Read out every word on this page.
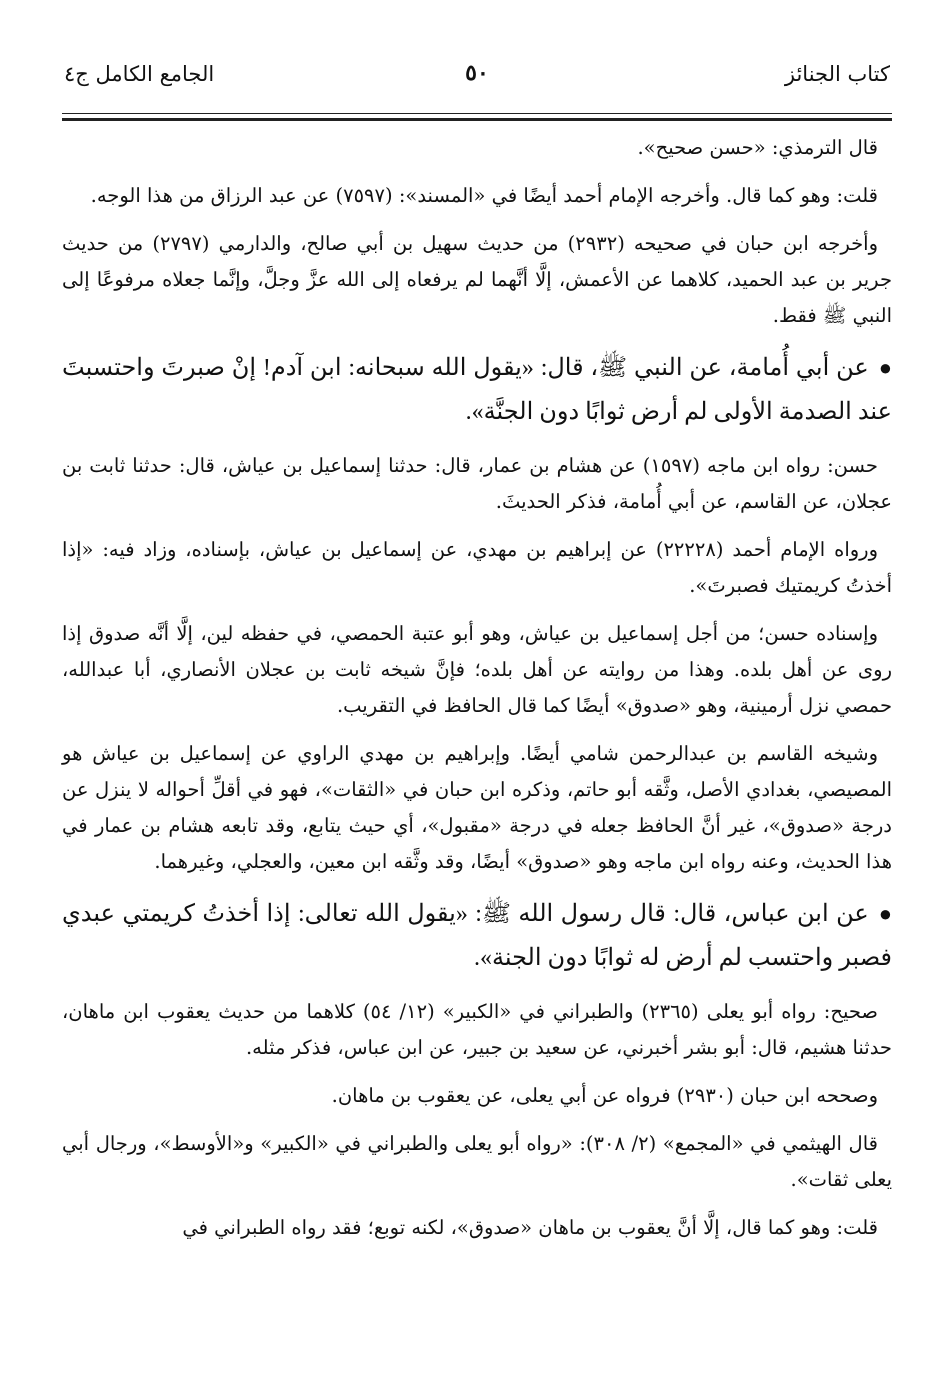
كتاب الجنائز
٥٠
الجامع الكامل ج٤

قال الترمذي: «حسن صحيح».

قلت: وهو كما قال. وأخرجه الإمام أحمد أيضًا في «المسند»: (٧٥٩٧) عن عبد الرزاق من هذا الوجه.

وأخرجه ابن حبان في صحيحه (٢٩٣٢) من حديث سهيل بن أبي صالح، والدارمي (٢٧٩٧) من حديث جرير بن عبد الحميد، كلاهما عن الأعمش، إلَّا أنَّهما لم يرفعاه إلى الله عزَّ وجلَّ، وإنَّما جعلاه مرفوعًا إلى النبي ﷺ فقط.

●عن أبي أُمامة، عن النبي ﷺ، قال: «يقول الله سبحانه: ابن آدم! إنْ صبرتَ واحتسبتَ عند الصدمة الأولى لم أرض ثوابًا دون الجنَّة».

حسن: رواه ابن ماجه (١٥٩٧) عن هشام بن عمار، قال: حدثنا إسماعيل بن عياش، قال: حدثنا ثابت بن عجلان، عن القاسم، عن أبي أُمامة، فذكر الحديثَ.

ورواه الإمام أحمد (٢٢٢٢٨) عن إبراهيم بن مهدي، عن إسماعيل بن عياش، بإسناده، وزاد فيه: «إذا أخذتُ كريمتيك فصبرتَ».

وإسناده حسن؛ من أجل إسماعيل بن عياش، وهو أبو عتبة الحمصي، في حفظه لين، إلَّا أنَّه صدوق إذا روى عن أهل بلده. وهذا من روايته عن أهل بلده؛ فإنَّ شيخه ثابت بن عجلان الأنصاري، أبا عبدالله، حمصي نزل أرمينية، وهو «صدوق» أيضًا كما قال الحافظ في التقريب.

وشيخه القاسم بن عبدالرحمن شامي أيضًا. وإبراهيم بن مهدي الراوي عن إسماعيل بن عياش هو المصيصي، بغدادي الأصل، وثَّقه أبو حاتم، وذكره ابن حبان في «الثقات»، فهو في أقلِّ أحواله لا ينزل عن درجة «صدوق»، غير أنَّ الحافظ جعله في درجة «مقبول»، أي حيث يتابع، وقد تابعه هشام بن عمار في هذا الحديث، وعنه رواه ابن ماجه وهو «صدوق» أيضًا، وقد وثَّقه ابن معين، والعجلي، وغيرهما.

●عن ابن عباس، قال: قال رسول الله ﷺ: «يقول الله تعالى: إذا أخذتُ كريمتي عبدي فصبر واحتسب لم أرض له ثوابًا دون الجنة».

صحيح: رواه أبو يعلى (٢٣٦٥) والطبراني في «الكبير» (١٢/ ٥٤) كلاهما من حديث يعقوب ابن ماهان، حدثنا هشيم، قال: أبو بشر أخبرني، عن سعيد بن جبير، عن ابن عباس، فذكر مثله.

وصححه ابن حبان (٢٩٣٠) فرواه عن أبي يعلى، عن يعقوب بن ماهان.

قال الهيثمي في «المجمع» (٢/ ٣٠٨): «رواه أبو يعلى والطبراني في «الكبير» و«الأوسط»، ورجال أبي يعلى ثقات».

قلت: وهو كما قال، إلَّا أنَّ يعقوب بن ماهان «صدوق»، لكنه توبع؛ فقد رواه الطبراني في
